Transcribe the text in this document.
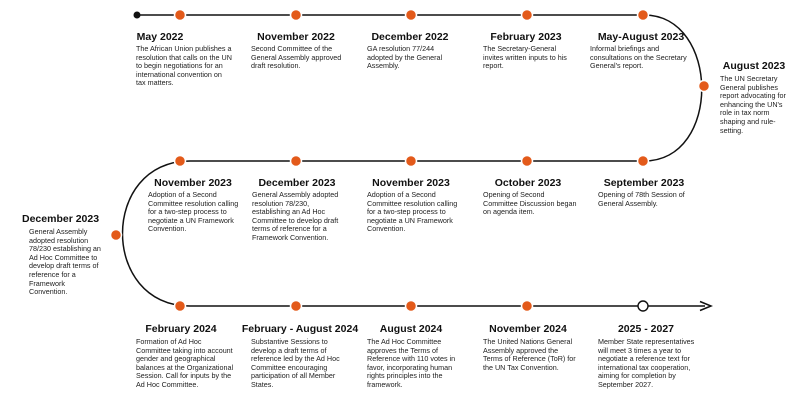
May 2022
The African Union publishes a resolution that calls on the UN to begin negotiations for an international convention on tax matters.
November 2022
Second Committee of the General Assembly approved draft resolution.
December 2022
GA resolution 77/244 adopted by the General Assembly.
February 2023
The Secretary-General invites written inputs to his report.
May-August 2023
Informal briefings and consultations on the Secretary General's report.	August 2023
The UN Secretary General publishes report advocating for enhancing the UN's role in tax norm shaping and rule-setting.
November 2023
Adoption of a Second Committee resolution calling for a two-step process to negotiate a UN Framework Convention.
December 2023
General Assembly adopted resolution 78/230, establishing an Ad Hoc Committee to develop draft terms of reference for a Framework Convention.
November 2023
Adoption of a Second Committee resolution calling for a two-step process to negotiate a UN Framework Convention.
October 2023
Opening of Second Committee Discussion began on agenda item.
September 2023
Opening of 78th Session of General Assembly.
December 2023
General Assembly adopted resolution 78/230 establishing an Ad Hoc Committee to develop draft terms of reference for a Framework Convention.
February 2024
Formation of Ad Hoc Committee taking into account gender and geographical balances at the Organizational Session. Call for inputs by the Ad Hoc Committee.
February - August 2024
Substantive Sessions to develop a draft terms of reference led by the Ad Hoc Committee encouraging participation of all Member States.
August 2024
The Ad Hoc Committee approves the Terms of Reference with 110 votes in favor, incorporating human rights principles into the framework.
November 2024
The United Nations General Assembly approved the Terms of Reference (ToR) for the UN Tax Convention.
2025 - 2027
Member State representatives will meet 3 times a year to negotiate a reference text for international tax cooperation, aiming for completion by September 2027.
